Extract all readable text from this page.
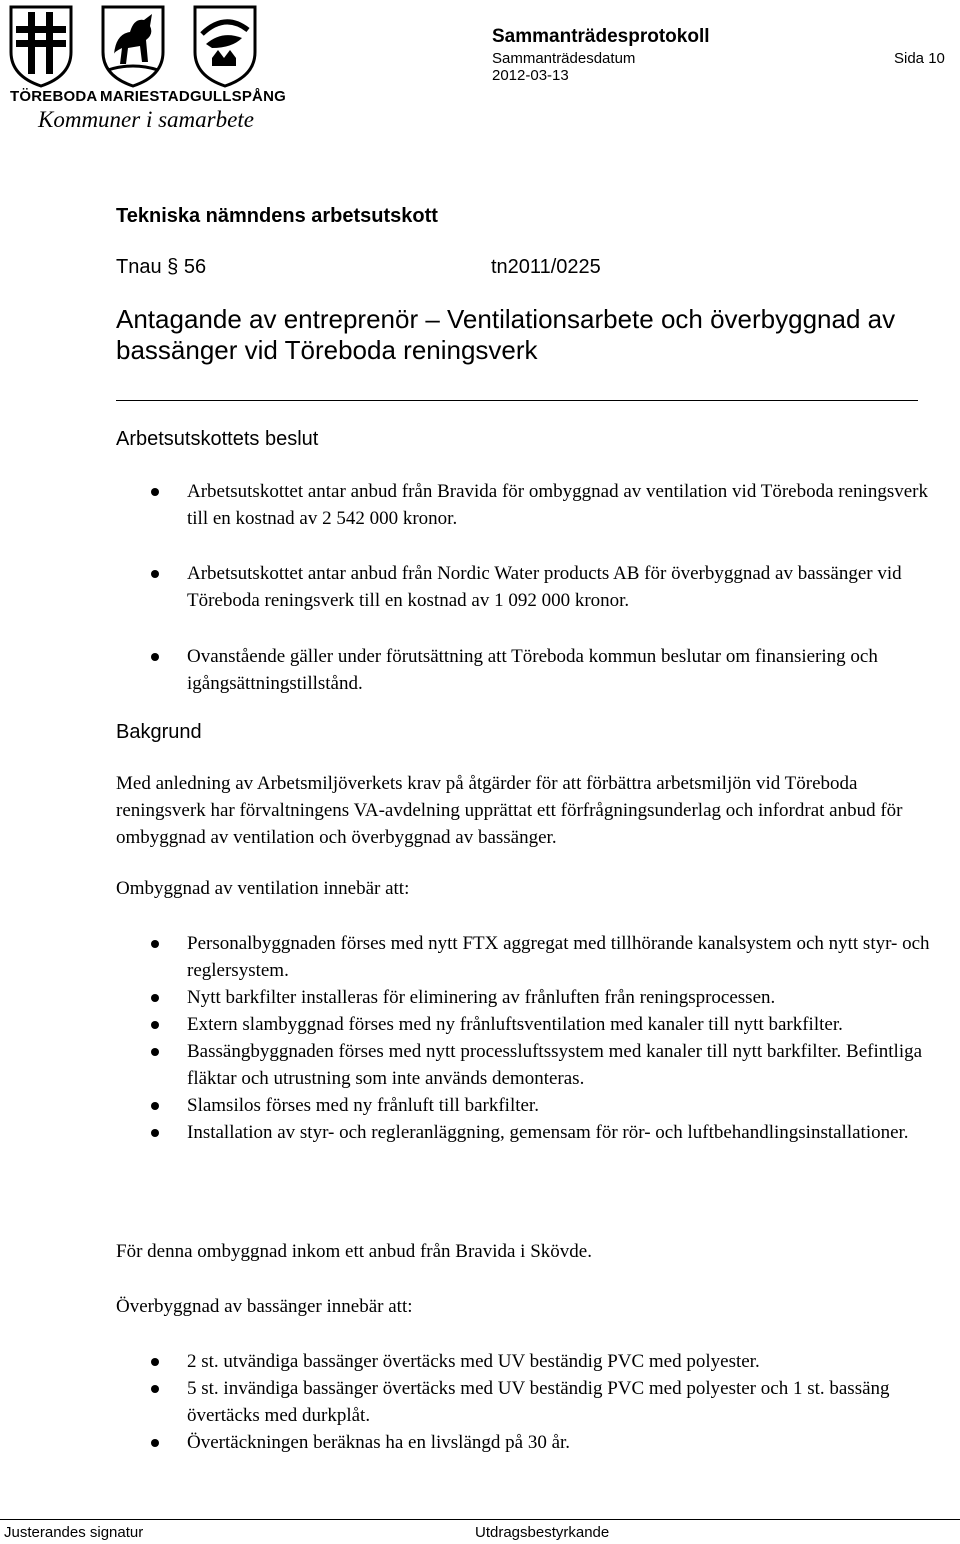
TÖREBODA MARIESTAD GULLSPÅNG
Kommuner i samarbete
Sammanträdesprotokoll
Sammanträdesdatum
2012-03-13
Sida 10
Tekniska nämndens arbetsutskott
Tnau § 56	tn2011/0225
Antagande av entreprenör – Ventilationsarbete och överbyggnad av bassänger vid Töreboda reningsverk
Arbetsutskottets beslut
Arbetsutskottet antar anbud från Bravida för ombyggnad av ventilation vid Töreboda reningsverk till en kostnad av 2 542 000 kronor.
Arbetsutskottet antar anbud från Nordic Water products AB för överbyggnad av bassänger vid Töreboda reningsverk till en kostnad av 1 092 000 kronor.
Ovanstående gäller under förutsättning att Töreboda kommun beslutar om finansiering och igångsättningstillstånd.
Bakgrund
Med anledning av Arbetsmiljöverkets krav på åtgärder för att förbättra arbetsmiljön vid Töreboda reningsverk har förvaltningens VA-avdelning upprättat ett förfrågningsunderlag och infordrat anbud för ombyggnad av ventilation och överbyggnad av bassänger.
Ombyggnad av ventilation innebär att:
Personalbyggnaden förses med nytt FTX aggregat med tillhörande kanalsystem och nytt styr- och reglersystem.
Nytt barkfilter installeras för eliminering av frånluften från reningsprocessen.
Extern slambyggnad förses med ny frånluftsventilation med kanaler till nytt barkfilter.
Bassängbyggnaden förses med nytt processluftssystem med kanaler till nytt barkfilter. Befintliga fläktar och utrustning som inte används demonteras.
Slamsilos förses med ny frånluft till barkfilter.
Installation av styr- och regleranläggning, gemensam för rör- och luftbehandlingsinstallationer.
För denna ombyggnad inkom ett anbud från Bravida i Skövde.
Överbyggnad av bassänger innebär att:
2 st. utvändiga bassänger övertäcks med UV beständig PVC med polyester.
5 st. invändiga bassänger övertäcks med UV beständig PVC med polyester och 1 st. bassäng övertäcks med durkplåt.
Övertäckningen beräknas ha en livslängd på 30 år.
Justerandes signatur	Utdragsbestyrkande
